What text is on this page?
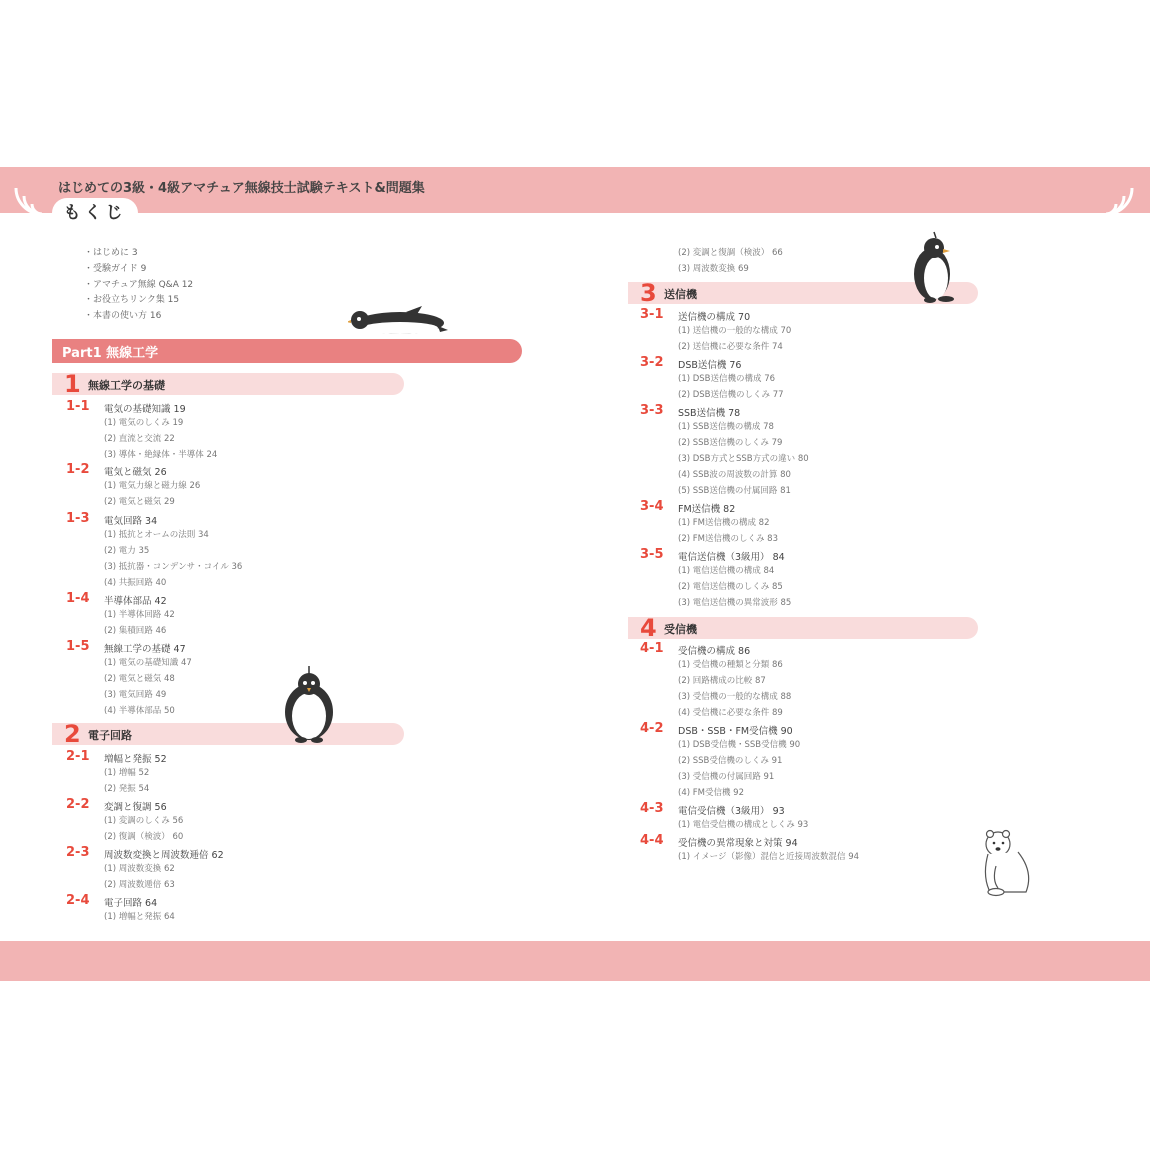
はじめての3級・4級アマチュア無線技士試験テキスト&問題集
もくじ
・はじめに 3
・受験ガイド 9
・アマチュア無線 Q&A 12
・お役立ちリンク集 15
・本書の使い方 16
Part1 無線工学
1 無線工学の基礎
1-1 電気の基礎知識 19
(1) 電気のしくみ 19
(2) 直流と交流 22
(3) 導体・絶縁体・半導体 24
1-2 電気と磁気 26
(1) 電気力線と磁力線 26
(2) 電気と磁気 29
1-3 電気回路 34
(1) 抵抗とオームの法則 34
(2) 電力 35
(3) 抵抗器・コンデンサ・コイル 36
(4) 共振回路 40
1-4 半導体部品 42
(1) 半導体回路 42
(2) 集積回路 46
1-5 無線工学の基礎 47
(1) 電気の基礎知識 47
(2) 電気と磁気 48
(3) 電気回路 49
(4) 半導体部品 50
2 電子回路
2-1 増幅と発振 52
(1) 増幅 52
(2) 発振 54
2-2 変調と復調 56
(1) 変調のしくみ 56
(2) 復調（検波） 60
2-3 周波数変換と周波数逓倍 62
(1) 周波数変換 62
(2) 周波数逓倍 63
2-4 電子回路 64
(1) 増幅と発振 64
(2) 変調と復調（検波） 66
(3) 周波数変換 69
3 送信機
3-1 送信機の構成 70
(1) 送信機の一般的な構成 70
(2) 送信機に必要な条件 74
3-2 DSB送信機 76
(1) DSB送信機の構成 76
(2) DSB送信機のしくみ 77
3-3 SSB送信機 78
(1) SSB送信機の構成 78
(2) SSB送信機のしくみ 79
(3) DSB方式とSSB方式の違い 80
(4) SSB波の周波数の計算 80
(5) SSB送信機の付属回路 81
3-4 FM送信機 82
(1) FM送信機の構成 82
(2) FM送信機のしくみ 83
3-5 電信送信機（3級用） 84
(1) 電信送信機の構成 84
(2) 電信送信機のしくみ 85
(3) 電信送信機の異常波形 85
4 受信機
4-1 受信機の構成 86
(1) 受信機の種類と分類 86
(2) 回路構成の比較 87
(3) 受信機の一般的な構成 88
(4) 受信機に必要な条件 89
4-2 DSB・SSB・FM受信機 90
(1) DSB受信機・SSB受信機 90
(2) SSB受信機のしくみ 91
(3) 受信機の付属回路 91
(4) FM受信機 92
4-3 電信受信機（3級用） 93
(1) 電信受信機の構成としくみ 93
4-4 受信機の異常現象と対策 94
(1) イメージ（影像）混信と近接周波数混信 94
